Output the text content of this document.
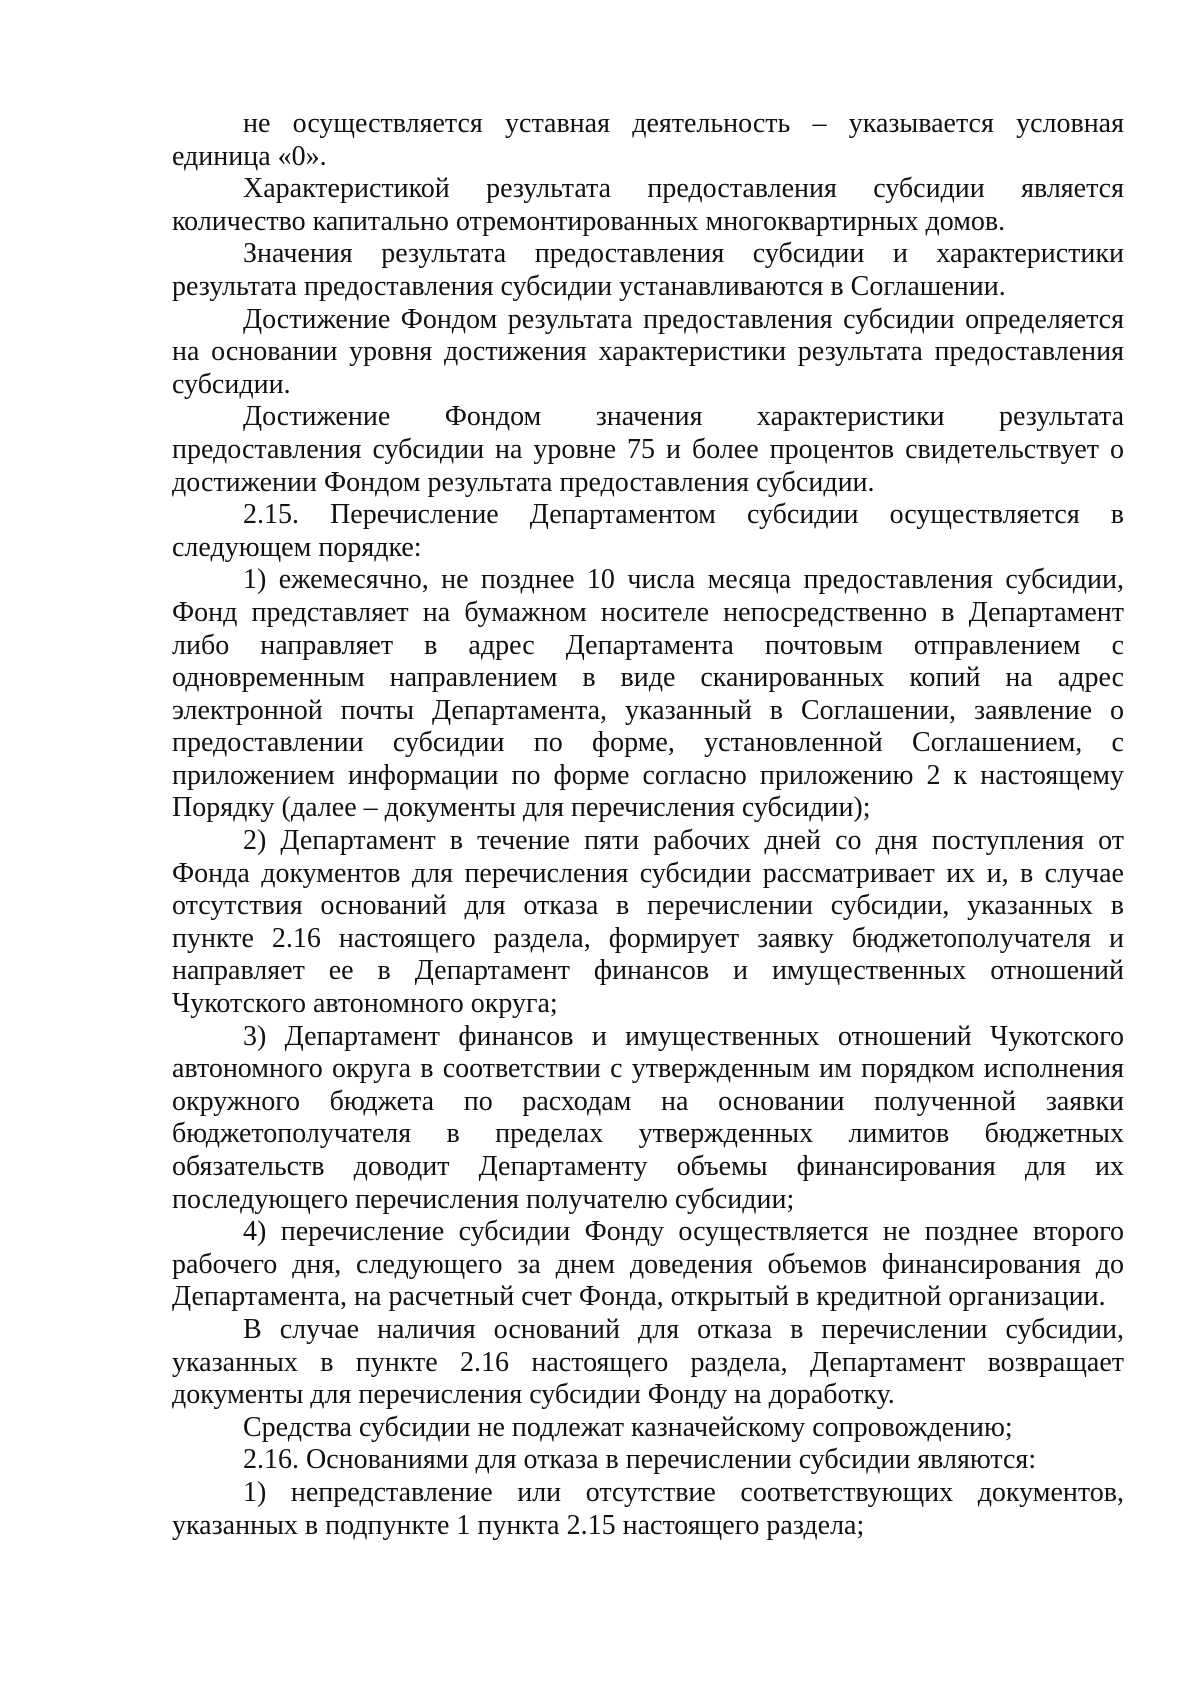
не осуществляется уставная деятельность – указывается условная единица «0».

Характеристикой результата предоставления субсидии является количество капитально отремонтированных многоквартирных домов.

Значения результата предоставления субсидии и характеристики результата предоставления субсидии устанавливаются в Соглашении.

Достижение Фондом результата предоставления субсидии определяется на основании уровня достижения характеристики результата предоставления субсидии.

Достижение Фондом значения характеристики результата предоставления субсидии на уровне 75 и более процентов свидетельствует о достижении Фондом результата предоставления субсидии.

2.15. Перечисление Департаментом субсидии осуществляется в следующем порядке:

1) ежемесячно, не позднее 10 числа месяца предоставления субсидии, Фонд представляет на бумажном носителе непосредственно в Департамент либо направляет в адрес Департамента почтовым отправлением с одновременным направлением в виде сканированных копий на адрес электронной почты Департамента, указанный в Соглашении, заявление о предоставлении субсидии по форме, установленной Соглашением, с приложением информации по форме согласно приложению 2 к настоящему Порядку (далее – документы для перечисления субсидии);

2) Департамент в течение пяти рабочих дней со дня поступления от Фонда документов для перечисления субсидии рассматривает их и, в случае отсутствия оснований для отказа в перечислении субсидии, указанных в пункте 2.16 настоящего раздела, формирует заявку бюджетополучателя и направляет ее в Департамент финансов и имущественных отношений Чукотского автономного округа;

3) Департамент финансов и имущественных отношений Чукотского автономного округа в соответствии с утвержденным им порядком исполнения окружного бюджета по расходам на основании полученной заявки бюджетополучателя в пределах утвержденных лимитов бюджетных обязательств доводит Департаменту объемы финансирования для их последующего перечисления получателю субсидии;

4) перечисление субсидии Фонду осуществляется не позднее второго рабочего дня, следующего за днем доведения объемов финансирования до Департамента, на расчетный счет Фонда, открытый в кредитной организации.

В случае наличия оснований для отказа в перечислении субсидии, указанных в пункте 2.16 настоящего раздела, Департамент возвращает документы для перечисления субсидии Фонду на доработку.

Средства субсидии не подлежат казначейскому сопровождению;

2.16. Основаниями для отказа в перечислении субсидии являются:

1) непредставление или отсутствие соответствующих документов, указанных в подпункте 1 пункта 2.15 настоящего раздела;
